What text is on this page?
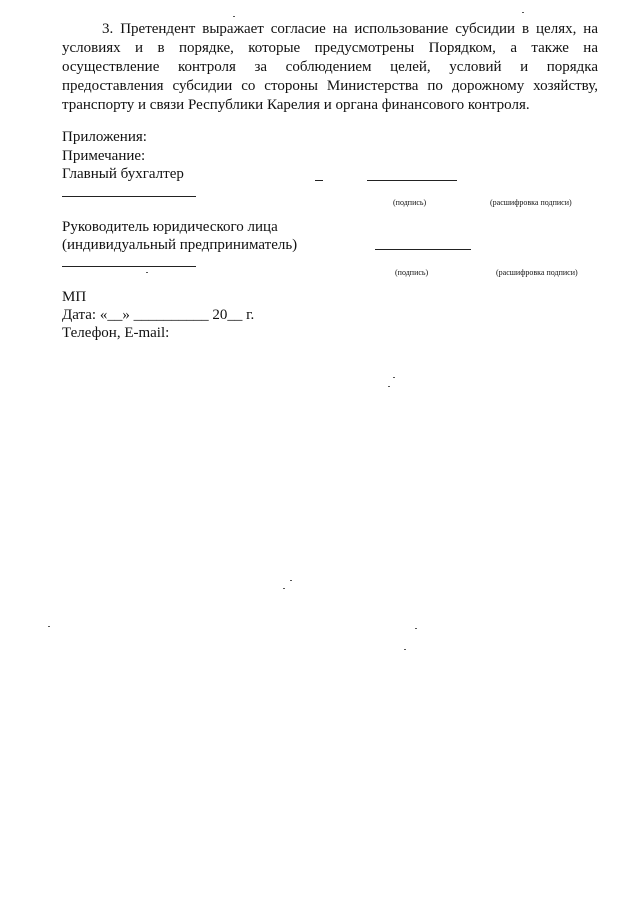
3. Претендент выражает согласие на использование субсидии в целях, на условиях и в порядке, которые предусмотрены Порядком, а также на осуществление контроля за соблюдением целей, условий и порядка предоставления субсидии со стороны Министерства по дорожному хозяйству, транспорту и связи Республики Карелия и органа финансового контроля.
Приложения:
Примечание:
Главный бухгалтер
(подпись)	(расшифровка подписи)
Руководитель юридического лица
(индивидуальный предприниматель)
(подпись)	(расшифровка подписи)
МП
Дата: «__» __________ 20__ г.
Телефон, E-mail:
